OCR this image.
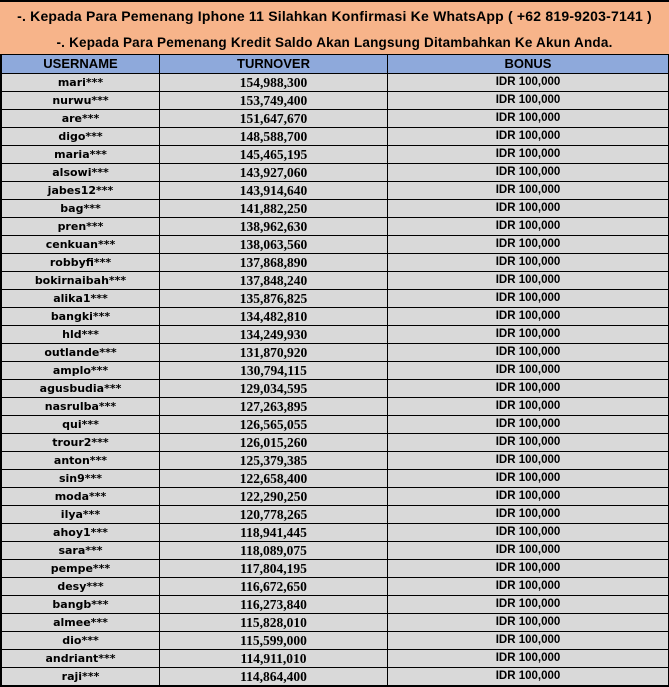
-. Kepada Para Pemenang Iphone 11 Silahkan Konfirmasi Ke WhatsApp ( +62 819-9203-7141 )
-. Kepada Para Pemenang Kredit Saldo Akan Langsung Ditambahkan Ke Akun Anda.
USERNAME	TURNOVER	BONUS
mari***	154,988,300	IDR 100,000
nurwu***	153,749,400	IDR 100,000
are***	151,647,670	IDR 100,000
digo***	148,588,700	IDR 100,000
maria***	145,465,195	IDR 100,000
alsowi***	143,927,060	IDR 100,000
jabes12***	143,914,640	IDR 100,000
bag***	141,882,250	IDR 100,000
pren***	138,962,630	IDR 100,000
cenkuan***	138,063,560	IDR 100,000
robbyfi***	137,868,890	IDR 100,000
bokirnaibah***	137,848,240	IDR 100,000
alika1***	135,876,825	IDR 100,000
bangki***	134,482,810	IDR 100,000
hld***	134,249,930	IDR 100,000
outlande***	131,870,920	IDR 100,000
amplo***	130,794,115	IDR 100,000
agusbudia***	129,034,595	IDR 100,000
nasrulba***	127,263,895	IDR 100,000
qui***	126,565,055	IDR 100,000
trour2***	126,015,260	IDR 100,000
anton***	125,379,385	IDR 100,000
sin9***	122,658,400	IDR 100,000
moda***	122,290,250	IDR 100,000
ilya***	120,778,265	IDR 100,000
ahoy1***	118,941,445	IDR 100,000
sara***	118,089,075	IDR 100,000
pempe***	117,804,195	IDR 100,000
desy***	116,672,650	IDR 100,000
bangb***	116,273,840	IDR 100,000
almee***	115,828,010	IDR 100,000
dio***	115,599,000	IDR 100,000
andriant***	114,911,010	IDR 100,000
raji***	114,864,400	IDR 100,000
